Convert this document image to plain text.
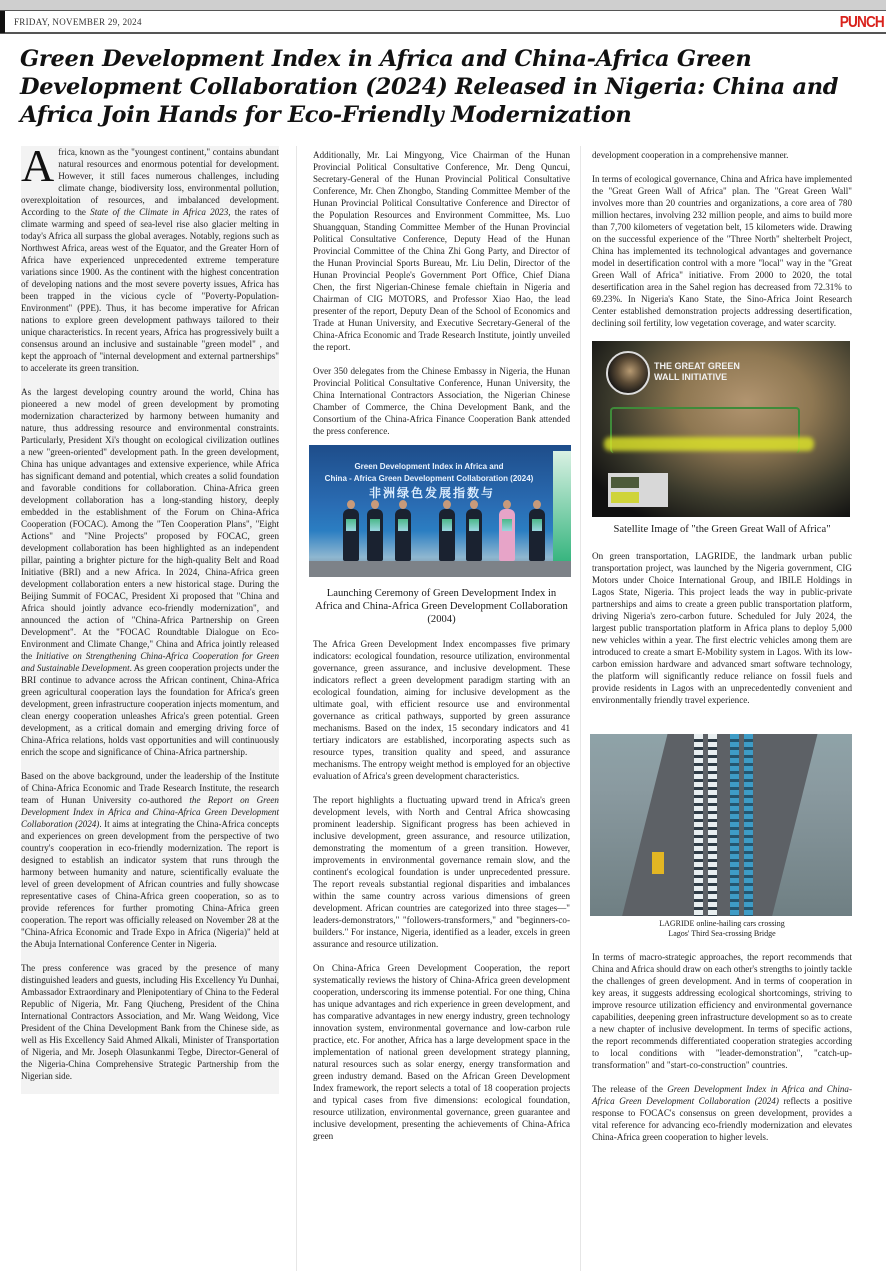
FRIDAY, NOVEMBER 29, 2024	PUNCH
Green Development Index in Africa and China-Africa Green Development Collaboration (2024) Released in Nigeria: China and Africa Join Hands for Eco-Friendly Modernization

Africa, known as the "youngest continent," contains abundant natural resources and enormous potential for development. However, it still faces numerous challenges, including climate change, biodiversity loss, environmental pollution, overexploitation of resources, and imbalanced development. According to the State of the Climate in Africa 2023, the rates of climate warming and speed of sea-level rise also glacier melting in today's Africa all surpass the global averages. Notably, regions such as Northwest Africa, areas west of the Equator, and the Greater Horn of Africa have experienced unprecedented extreme temperature variations since 1900. As the continent with the highest concentration of developing nations and the most severe poverty issues, Africa has been trapped in the vicious cycle of "Poverty-Population-Environment" (PPE). Thus, it has become imperative for African nations to explore green development pathways tailored to their unique characteristics. In recent years, Africa has progressively built a consensus around an inclusive and sustainable "green model" , and kept the approach of "internal development and external partnerships" to accelerate its green transition.

As the largest developing country around the world, China has pioneered a new model of green development by promoting modernization characterized by harmony between humanity and nature, thus addressing resource and environmental constraints. Particularly, President Xi's thought on ecological civilization outlines a new "green-oriented" development path. In the green development, China has unique advantages and extensive experience, while Africa has significant demand and potential, which creates a solid foundation and favorable conditions for collaboration. China-Africa green development collaboration has a long-standing history, deeply embedded in the establishment of the Forum on China-Africa Cooperation (FOCAC). Among the "Ten Cooperation Plans", "Eight Actions" and "Nine Projects" proposed by FOCAC, green development collaboration has been highlighted as an independent pillar, painting a brighter picture for the high-quality Belt and Road Initiative (BRI) and a new Africa. In 2024, China-Africa green development collaboration enters a new historical stage. During the Beijing Summit of FOCAC, President Xi proposed that "China and Africa should jointly advance eco-friendly modernization", and announced the action of "China-Africa Partnership on Green Development". At the "FOCAC Roundtable Dialogue on Eco-Environment and Climate Change," China and Africa jointly released the Initiative on Strengthening China-Africa Cooperation for Green and Sustainable Development. As green cooperation projects under the BRI continue to advance across the African continent, China-Africa green agricultural cooperation lays the foundation for Africa's green development, green infrastructure cooperation injects momentum, and clean energy cooperation unleashes Africa's green potential. Green development, as a critical domain and emerging driving force of China-Africa relations, holds vast opportunities and will continuously enrich the scope and significance of China-Africa partnership.

Based on the above background, under the leadership of the Institute of China-Africa Economic and Trade Research Institute, the research team of Hunan University co-authored the Report on Green Development Index in Africa and China-Africa Green Development Collaboration (2024). It aims at integrating the China-Africa concepts and experiences on green development from the perspective of two country's cooperation in eco-friendly modernization. The report is designed to establish an indicator system that runs through the harmony between humanity and nature, scientifically evaluate the level of green development of African countries and fully showcase representative cases of China-Africa green cooperation, so as to provide references for further promoting China-Africa green cooperation. The report was officially released on November 28 at the "China-Africa Economic and Trade Expo in Africa (Nigeria)" held at the Abuja International Conference Center in Nigeria.

The press conference was graced by the presence of many distinguished leaders and guests, including His Excellency Yu Dunhai, Ambassador Extraordinary and Plenipotentiary of China to the Federal Republic of Nigeria, Mr. Fang Qiucheng, President of the China International Contractors Association, and Mr. Wang Weidong, Vice President of the China Development Bank from the Chinese side, as well as His Excellency Said Ahmed Alkali, Minister of Transportation of Nigeria, and Mr. Joseph Olasunkanmi Tegbe, Director-General of the Nigeria-China Comprehensive Strategic Partnership from the Nigerian side.

Additionally, Mr. Lai Mingyong, Vice Chairman of the Hunan Provincial Political Consultative Conference, Mr. Deng Quncui, Secretary-General of the Hunan Provincial Political Consultative Conference, Mr. Chen Zhongbo, Standing Committee Member of the Hunan Provincial Political Consultative Conference and Director of the Population Resources and Environment Committee, Ms. Luo Shuangquan, Standing Committee Member of the Hunan Provincial Political Consultative Conference, Deputy Head of the Hunan Provincial Committee of the China Zhi Gong Party, and Director of the Hunan Provincial Sports Bureau, Mr. Liu Delin, Director of the Hunan Provincial People's Government Port Office, Chief Diana Chen, the first Nigerian-Chinese female chieftain in Nigeria and Chairman of CIG MOTORS, and Professor Xiao Hao, the lead presenter of the report, Deputy Dean of the School of Economics and Trade at Hunan University, and Executive Secretary-General of the China-Africa Economic and Trade Research Institute, jointly unveiled the report.

Over 350 delegates from the Chinese Embassy in Nigeria, the Hunan Provincial Political Consultative Conference, Hunan University, the China International Contractors Association, the Nigerian Chinese Chamber of Commerce, the China Development Bank, and the Consortium of the China-Africa Finance Cooperation Bank attended the press conference.

Green Development Index in Africa and
China - Africa Green Development Collaboration (2024)
非洲绿色发展指数与

Launching Ceremony of Green Development Index in Africa and China-Africa Green Development Collaboration (2004)

The Africa Green Development Index encompasses five primary indicators: ecological foundation, resource utilization, environmental governance, green assurance, and inclusive development. These indicators reflect a green development paradigm starting with an ecological foundation, aiming for inclusive development as the ultimate goal, with efficient resource use and environmental governance as critical pathways, supported by green assurance mechanisms. Based on the index, 15 secondary indicators and 41 tertiary indicators are established, incorporating aspects such as resource types, transition quality and speed, and assurance mechanisms. The entropy weight method is employed for an objective evaluation of Africa's green development characteristics.

The report highlights a fluctuating upward trend in Africa's green development levels, with North and Central Africa showcasing prominent leadership. Significant progress has been achieved in inclusive development, green assurance, and resource utilization, demonstrating the momentum of a green transition. However, improvements in environmental governance remain slow, and the continent's ecological foundation is under unprecedented pressure. The report reveals substantial regional disparities and imbalances within the same country across various dimensions of green development. African countries are categorized into three stages—" leaders-demonstrators," "followers-transformers," and "beginners-co-builders." For instance, Nigeria, identified as a leader, excels in green assurance and resource utilization.

On China-Africa Green Development Cooperation, the report systematically reviews the history of China-Africa green development cooperation, underscoring its immense potential. For one thing, China has unique advantages and rich experience in green development, and has comparative advantages in new energy industry, green technology innovation system, environmental governance and low-carbon rule practice, etc. For another, Africa has a large development space in the implementation of national green development strategy planning, natural resources such as solar energy, energy transformation and green industry demand. Based on the African Green Development Index framework, the report selects a total of 18 cooperation projects and typical cases from five dimensions: ecological foundation, resource utilization, environmental governance, green guarantee and inclusive development, presenting the achievements of China-Africa green

development cooperation in a comprehensive manner.

In terms of ecological governance, China and Africa have implemented the "Great Green Wall of Africa" plan. The "Great Green Wall" involves more than 20 countries and organizations, a core area of 780 million hectares, involving 232 million people, and aims to build more than 7,700 kilometers of vegetation belt, 15 kilometers wide. Drawing on the successful experience of the "Three North" shelterbelt Project, China has implemented its technological advantages and governance model in desertification control with a more "local" way in the "Great Green Wall of Africa" initiative. From 2000 to 2020, the total desertification area in the Sahel region has decreased from 72.31% to 69.23%. In Nigeria's Kano State, the Sino-Africa Joint Research Center established demonstration projects addressing desertification, declining soil fertility, low vegetation coverage, and water scarcity.

THE GREAT GREEN
WALL INITIATIVE

Satellite Image of "the Green Great Wall of Africa"

On green transportation, LAGRIDE, the landmark urban public transportation project, was launched by the Nigeria government, CIG Motors under Choice International Group, and IBILE Holdings in Lagos State, Nigeria. This project leads the way in public-private partnerships and aims to create a green public transportation platform, driving Nigeria's zero-carbon future. Scheduled for July 2024, the largest public transportation platform in Africa plans to deploy 5,000 new vehicles within a year. The first electric vehicles among them are introduced to create a smart E-Mobility system in Lagos. With its low-carbon emission hardware and advanced smart software technology, the platform will significantly reduce reliance on fossil fuels and provide residents in Lagos with an unprecedentedly convenient and environmentally friendly travel experience.

LAGRIDE online-hailing cars crossing
Lagos' Third Sea-crossing Bridge

In terms of macro-strategic approaches, the report recommends that China and Africa should draw on each other's strengths to jointly tackle the challenges of green development. And in terms of cooperation in key areas, it suggests addressing ecological shortcomings, striving to improve resource utilization efficiency and environmental governance capabilities, deepening green infrastructure development so as to create a new chapter of inclusive development. In terms of specific actions, the report recommends differentiated cooperation strategies according to local conditions with "leader-demonstration", "catch-up-transformation" and "start-co-construction" countries.

The release of the Green Development Index in Africa and China-Africa Green Development Collaboration (2024) reflects a positive response to FOCAC's consensus on green development, provides a vital reference for advancing eco-friendly modernization and elevates China-Africa green cooperation to higher levels.
